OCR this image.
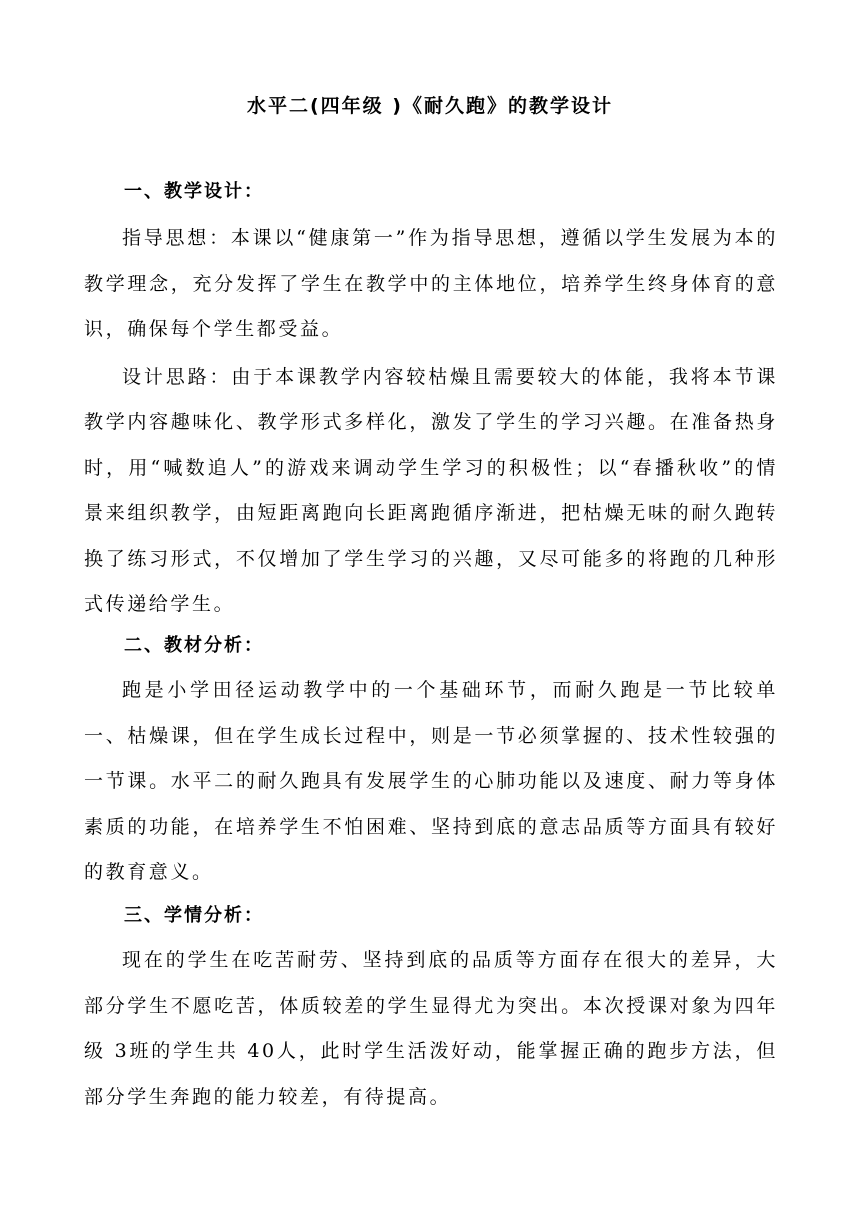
水平二(四年级 )《耐久跑》的教学设计

一、教学设计：

指导思想：本课以“健康第一”作为指导思想，遵循以学生发展为本的教学理念，充分发挥了学生在教学中的主体地位，培养学生终身体育的意识，确保每个学生都受益。

设计思路：由于本课教学内容较枯燥且需要较大的体能，我将本节课教学内容趣味化、教学形式多样化，激发了学生的学习兴趣。在准备热身时，用“喊数追人”的游戏来调动学生学习的积极性；以“春播秋收”的情景来组织教学，由短距离跑向长距离跑循序渐进，把枯燥无味的耐久跑转换了练习形式，不仅增加了学生学习的兴趣，又尽可能多的将跑的几种形式传递给学生。

二、教材分析：

跑是小学田径运动教学中的一个基础环节，而耐久跑是一节比较单一、枯燥课，但在学生成长过程中，则是一节必须掌握的、技术性较强的一节课。水平二的耐久跑具有发展学生的心肺功能以及速度、耐力等身体素质的功能，在培养学生不怕困难、坚持到底的意志品质等方面具有较好的教育意义。

三、学情分析：

现在的学生在吃苦耐劳、坚持到底的品质等方面存在很大的差异，大部分学生不愿吃苦，体质较差的学生显得尤为突出。本次授课对象为四年级 3班的学生共 40人，此时学生活泼好动，能掌握正确的跑步方法，但部分学生奔跑的能力较差，有待提高。
